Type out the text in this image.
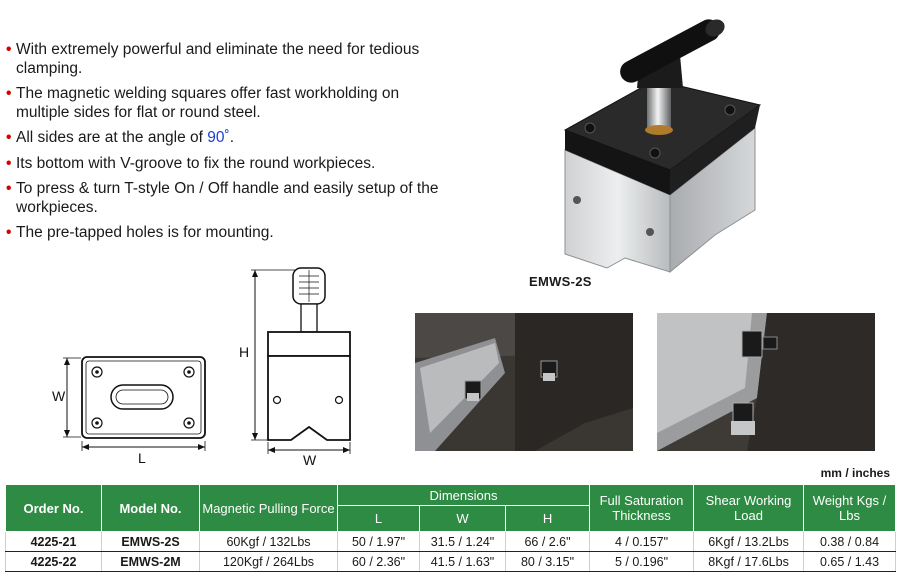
• With extremely powerful and eliminate the need for tedious clamping.
• The magnetic welding squares offer fast workholding on multiple sides for flat or round steel.
• All sides are at the angle of 90˚.
• Its bottom with V-groove to fix the round workpieces.
• To press & turn T-style On / Off handle and easily setup of the workpieces.
• The pre-tapped holes is for mounting.
EMWS-2S
W
L
H
W
mm / inches
Order No.	Model No.	Magnetic Pulling Force	Dimensions			Full Saturation Thickness	Shear Working Load	Weight Kgs / Lbs
			L	W	H			
4225-21	EMWS-2S	60Kgf / 132Lbs	50 / 1.97"	31.5 / 1.24"	66 / 2.6"	4 / 0.157"	6Kgf / 13.2Lbs	0.38 / 0.84
4225-22	EMWS-2M	120Kgf / 264Lbs	60 / 2.36"	41.5 / 1.63"	80 / 3.15"	5 / 0.196"	8Kgf / 17.6Lbs	0.65 / 1.43
